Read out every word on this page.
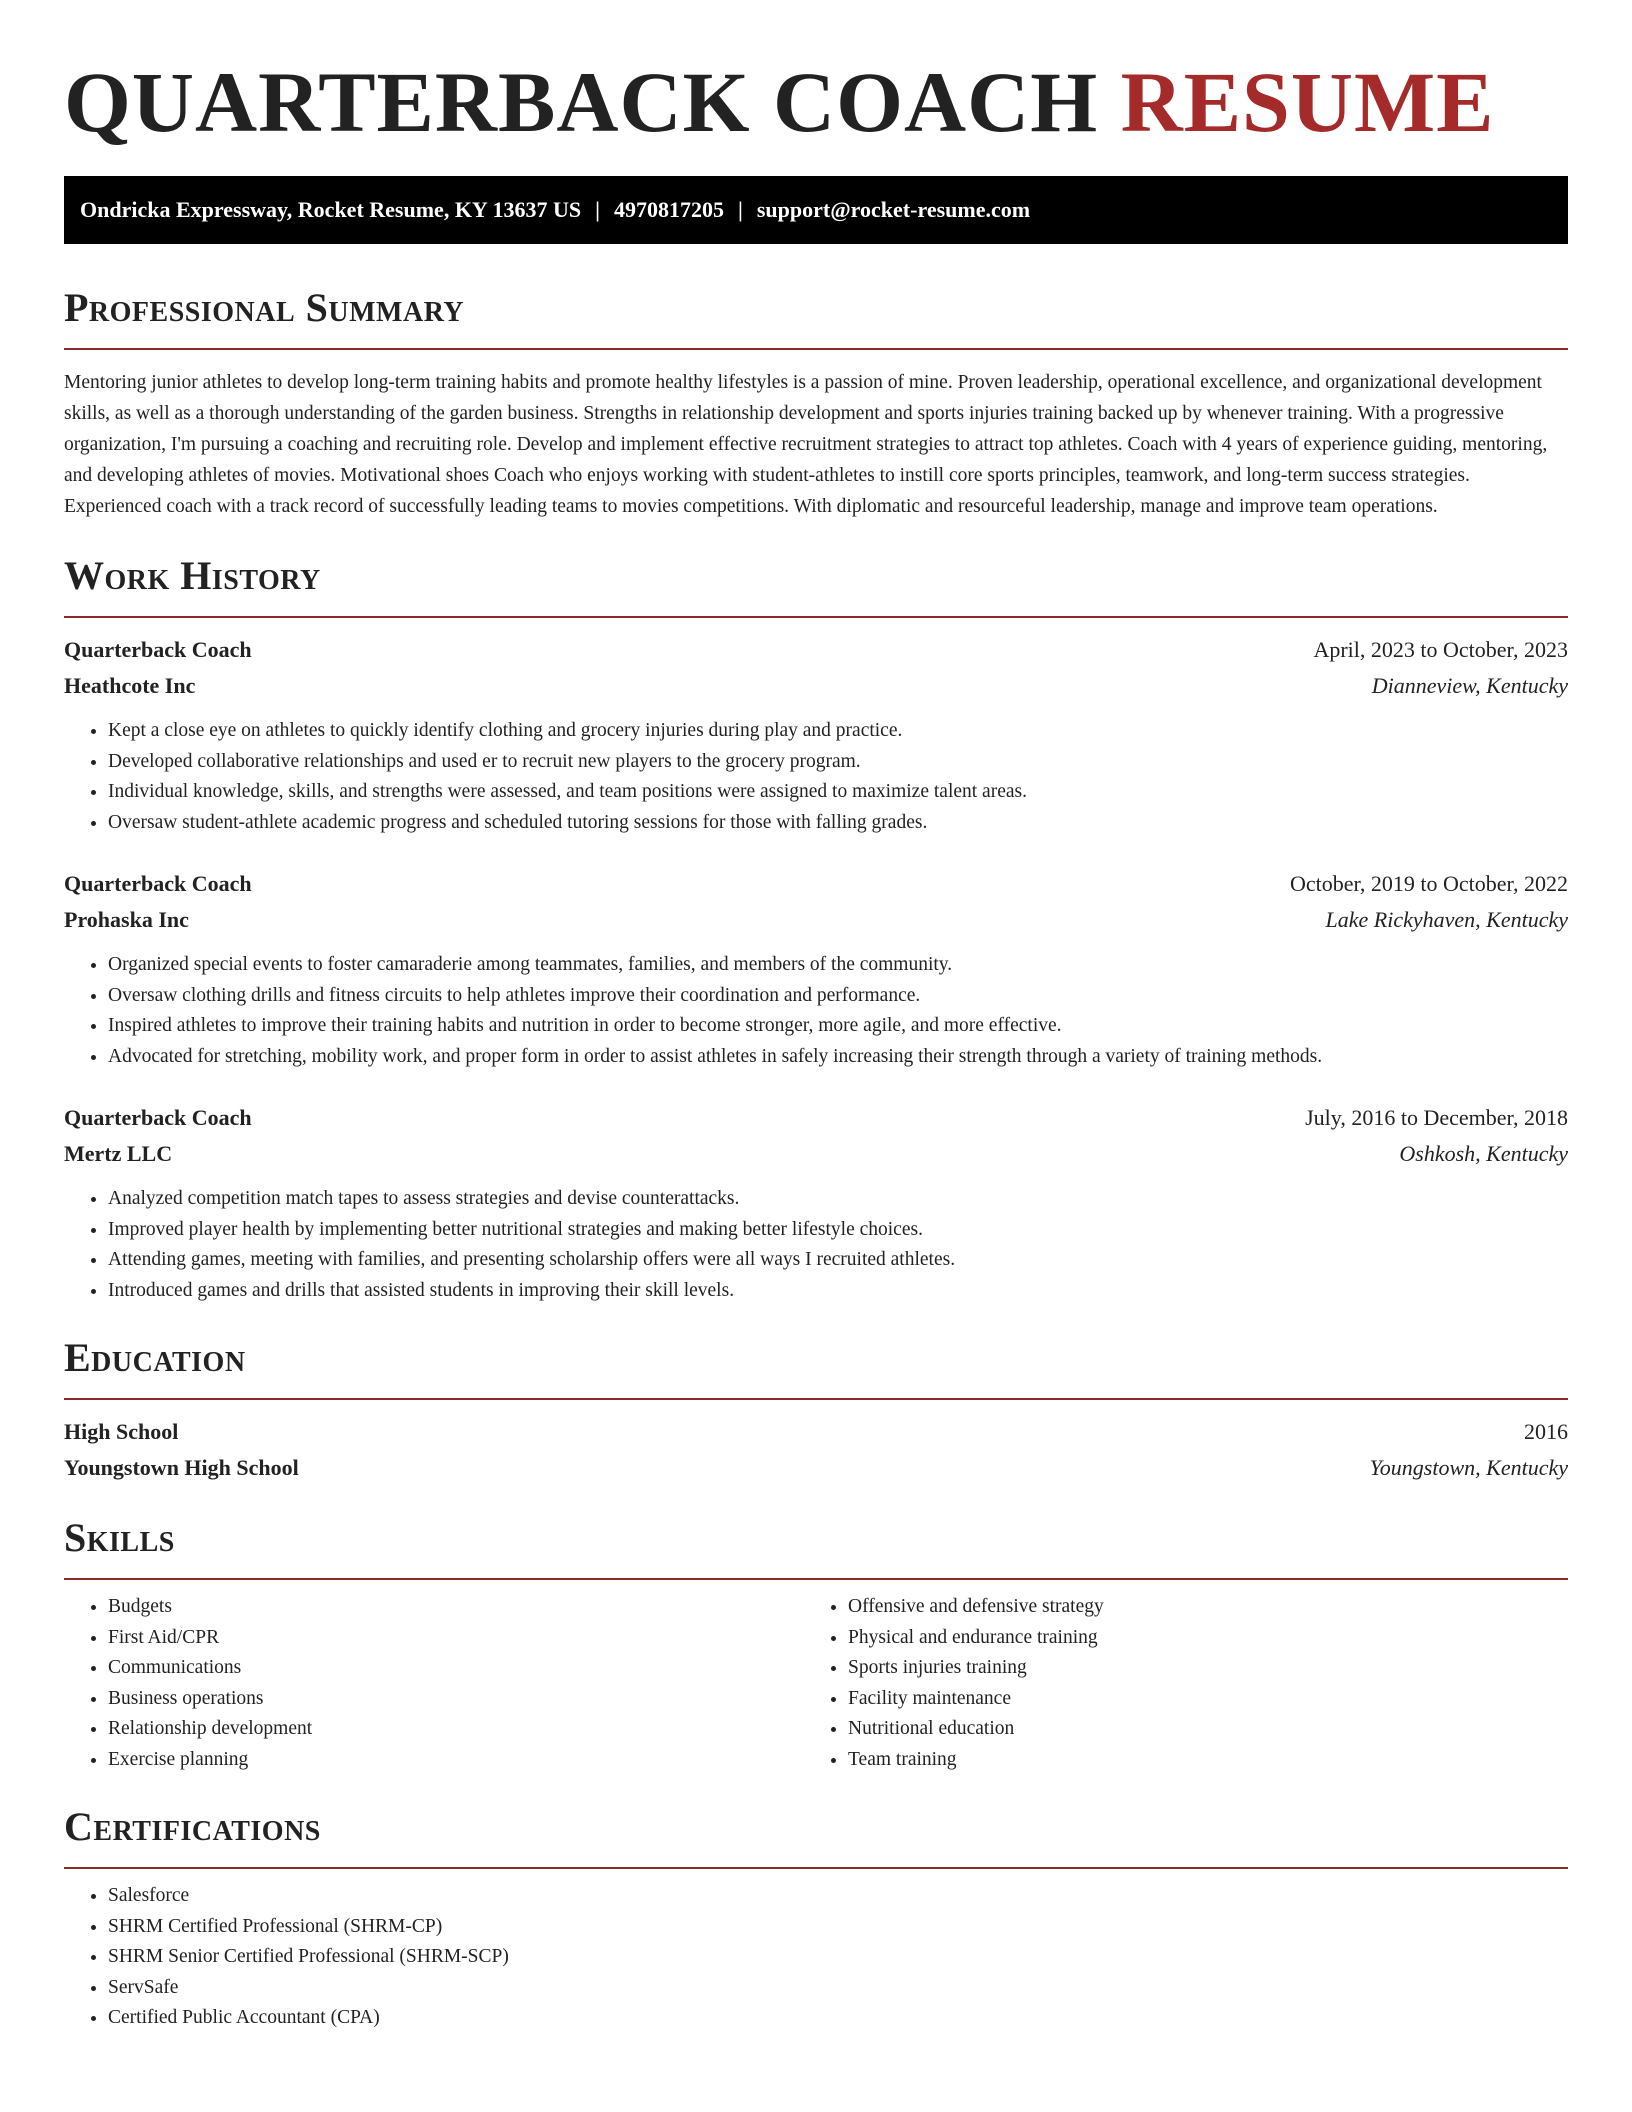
QUARTERBACK COACH RESUME
Ondricka Expressway, Rocket Resume, KY 13637 US | 4970817205 | support@rocket-resume.com
Professional Summary

Mentoring junior athletes to develop long-term training habits and promote healthy lifestyles is a passion of mine. Proven leadership, operational excellence, and organizational development skills, as well as a thorough understanding of the garden business. Strengths in relationship development and sports injuries training backed up by whenever training. With a progressive organization, I'm pursuing a coaching and recruiting role. Develop and implement effective recruitment strategies to attract top athletes. Coach with 4 years of experience guiding, mentoring, and developing athletes of movies. Motivational shoes Coach who enjoys working with student-athletes to instill core sports principles, teamwork, and long-term success strategies. Experienced coach with a track record of successfully leading teams to movies competitions. With diplomatic and resourceful leadership, manage and improve team operations.

Work History
Quarterback Coach	April, 2023 to October, 2023
Heathcote Inc	Dianneview, Kentucky
• Kept a close eye on athletes to quickly identify clothing and grocery injuries during play and practice.
• Developed collaborative relationships and used er to recruit new players to the grocery program.
• Individual knowledge, skills, and strengths were assessed, and team positions were assigned to maximize talent areas.
• Oversaw student-athlete academic progress and scheduled tutoring sessions for those with falling grades.
Quarterback Coach	October, 2019 to October, 2022
Prohaska Inc	Lake Rickyhaven, Kentucky
• Organized special events to foster camaraderie among teammates, families, and members of the community.
• Oversaw clothing drills and fitness circuits to help athletes improve their coordination and performance.
• Inspired athletes to improve their training habits and nutrition in order to become stronger, more agile, and more effective.
• Advocated for stretching, mobility work, and proper form in order to assist athletes in safely increasing their strength through a variety of training methods.
Quarterback Coach	July, 2016 to December, 2018
Mertz LLC	Oshkosh, Kentucky
• Analyzed competition match tapes to assess strategies and devise counterattacks.
• Improved player health by implementing better nutritional strategies and making better lifestyle choices.
• Attending games, meeting with families, and presenting scholarship offers were all ways I recruited athletes.
• Introduced games and drills that assisted students in improving their skill levels.
Education
High School	2016
Youngstown High School	Youngstown, Kentucky
Skills
• Budgets
• First Aid/CPR
• Communications
• Business operations
• Relationship development
• Exercise planning
• Offensive and defensive strategy
• Physical and endurance training
• Sports injuries training
• Facility maintenance
• Nutritional education
• Team training
Certifications
• Salesforce
• SHRM Certified Professional (SHRM-CP)
• SHRM Senior Certified Professional (SHRM-SCP)
• ServSafe
• Certified Public Accountant (CPA)
